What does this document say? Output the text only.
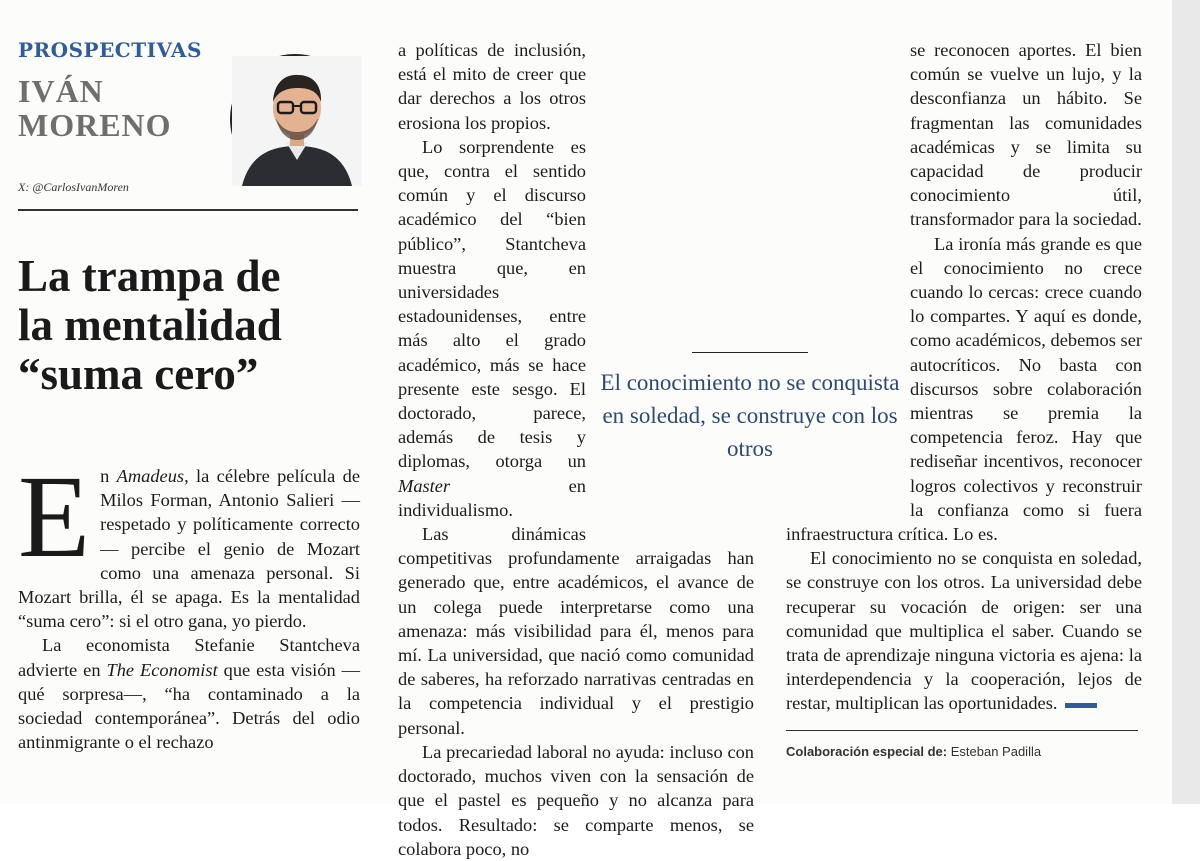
PROSPECTIVAS
IVÁN
MORENO
X: @CarlosIvanMoren
La trampa de
la mentalidad
“suma cero”

En Amadeus, la célebre película de Milos Forman, Antonio Salieri —respetado y políticamente correcto— percibe el genio de Mozart como una amenaza personal. Si Mozart brilla, él se apaga. Es la mentalidad “suma cero”: si el otro gana, yo pierdo.

La economista Stefanie Stantcheva advierte en The Economist que esta visión —qué sorpresa—, “ha contaminado a la sociedad contemporánea”. Detrás del odio antinmigrante o el rechazo

a políticas de inclusión, está el mito de creer que dar derechos a los otros erosiona los propios.

Lo sorprendente es que, contra el sentido común y el discurso académico del “bien público”, Stantcheva muestra que, en universidades estadounidenses, entre más alto el grado académico, más se hace presente este sesgo. El doctorado, parece, además de tesis y diplomas, otorga un Master en individualismo.

Las dinámicas competitivas profundamente arraigadas han generado que, entre académicos, el avance de un colega puede interpretarse como una amenaza: más visibilidad para él, menos para mí. La universidad, que nació como comunidad de saberes, ha reforzado narrativas centradas en la competencia individual y el prestigio personal.

La precariedad laboral no ayuda: incluso con doctorado, muchos viven con la sensación de que el pastel es pequeño y no alcanza para todos. Resultado: se comparte menos, se colabora poco, no

El conocimiento no se conquista en soledad, se construye con los otros

se reconocen aportes. El bien común se vuelve un lujo, y la desconfianza un hábito. Se fragmentan las comunidades académicas y se limita su capacidad de producir conocimiento útil, transformador para la sociedad.

La ironía más grande es que el conocimiento no crece cuando lo cercas: crece cuando lo compartes. Y aquí es donde, como académicos, debemos ser autocríticos. No basta con discursos sobre colaboración mientras se premia la competencia feroz. Hay que rediseñar incentivos, reconocer logros colectivos y reconstruir la confianza como si fuera infraestructura crítica. Lo es.

El conocimiento no se conquista en soledad, se construye con los otros. La universidad debe recuperar su vocación de origen: ser una comunidad que multiplica el saber. Cuando se trata de aprendizaje ninguna victoria es ajena: la interdependencia y la cooperación, lejos de restar, multiplican las oportunidades.

Colaboración especial de: Esteban Padilla
